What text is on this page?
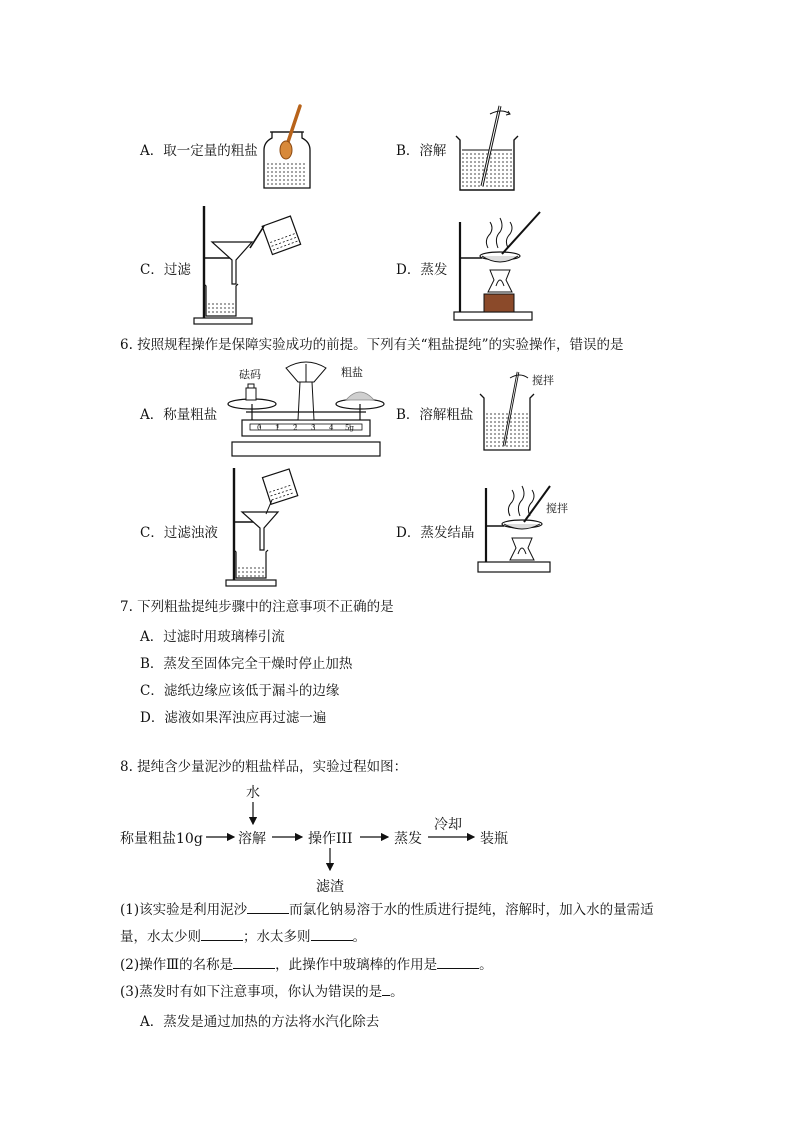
A．取一定量的粗盐	B．溶解
C．过滤	D．蒸发
6. 按照规程操作是保障实验成功的前提。下列有关“粗盐提纯”的实验操作，错误的是
A．称量粗盐
砝码	粗盐
0 1 2 3 4 5g
B．溶解粗盐
搅拌
C．过滤浊液	D．蒸发结晶
搅拌
7. 下列粗盐提纯步骤中的注意事项不正确的是
A．过滤时用玻璃棒引流
B．蒸发至固体完全干燥时停止加热
C．滤纸边缘应该低于漏斗的边缘
D．滤液如果浑浊应再过滤一遍
8. 提纯含少量泥沙的粗盐样品，实验过程如图：
水
称量粗盐10g	溶解	操作III	蒸发
冷却
装瓶
滤渣
(1)该实验是利用泥沙	而氯化钠易溶于水的性质进行提纯，溶解时，加入水的量需适
量，水太少则	；水太多则	。
(2)操作Ⅲ的名称是	，此操作中玻璃棒的作用是	。
(3)蒸发时有如下注意事项，你认为错误的是 。
A．蒸发是通过加热的方法将水汽化除去
